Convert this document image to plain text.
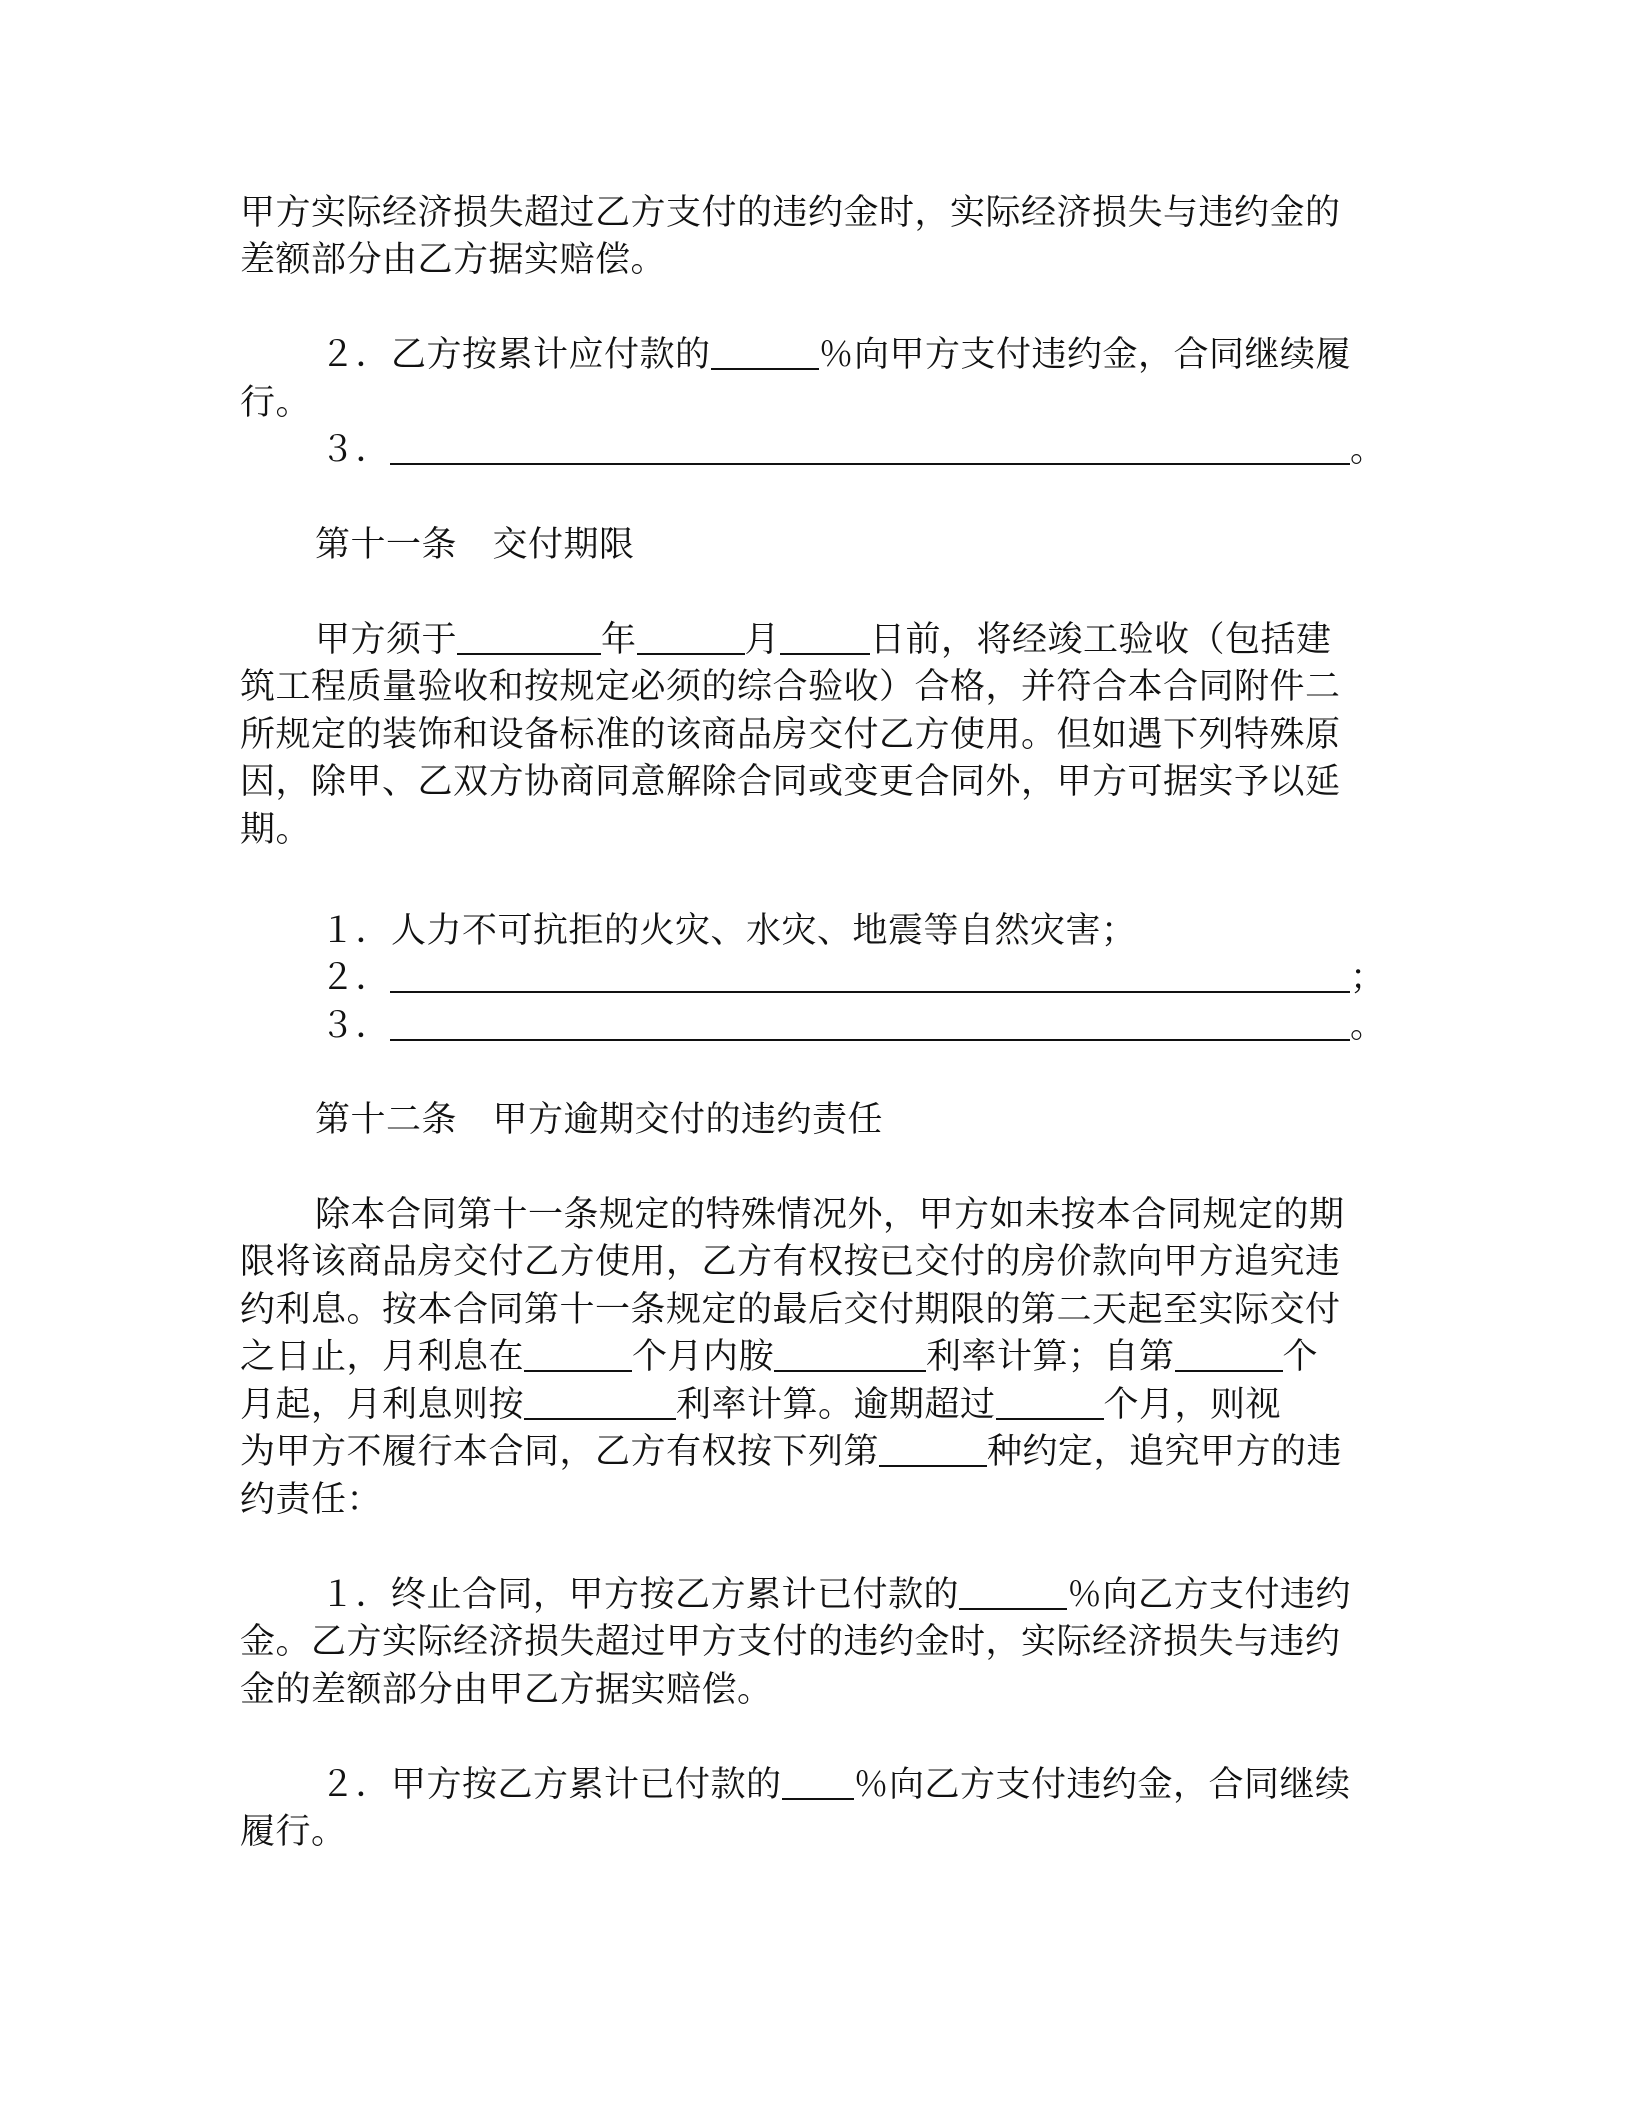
甲方实际经济损失超过乙方支付的违约金时，实际经济损失与违约金的
差额部分由乙方据实赔偿。
２．乙方按累计应付款的	％向甲方支付违约金，合同继续履
行。
３．	。
第十一条　交付期限
甲方须于	年	月	日前，将经竣工验收（包括建
筑工程质量验收和按规定必须的综合验收）合格，并符合本合同附件二
所规定的装饰和设备标准的该商品房交付乙方使用。但如遇下列特殊原
因，除甲、乙双方协商同意解除合同或变更合同外，甲方可据实予以延
期。
１．人力不可抗拒的火灾、水灾、地震等自然灾害；
２．	；
３．	。
第十二条　甲方逾期交付的违约责任
除本合同第十一条规定的特殊情况外，甲方如未按本合同规定的期
限将该商品房交付乙方使用，乙方有权按已交付的房价款向甲方追究违
约利息。按本合同第十一条规定的最后交付期限的第二天起至实际交付
之日止，月利息在	个月内胺	利率计算；自第	个
月起，月利息则按	利率计算。逾期超过	个月，则视
为甲方不履行本合同，乙方有权按下列第	种约定，追究甲方的违
约责任：
１．终止合同，甲方按乙方累计已付款的	％向乙方支付违约
金。乙方实际经济损失超过甲方支付的违约金时，实际经济损失与违约
金的差额部分由甲乙方据实赔偿。
２．甲方按乙方累计已付款的 ％向乙方支付违约金，合同继续
履行。
